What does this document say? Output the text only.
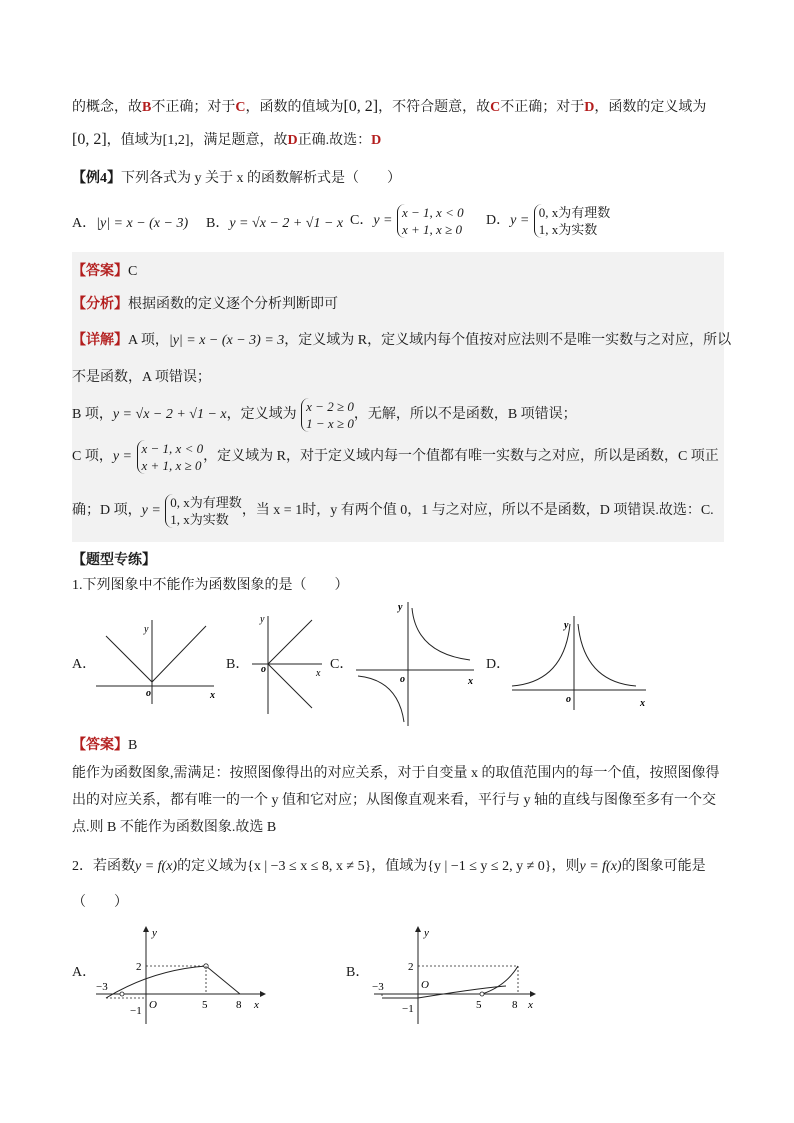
的概念，故B不正确；对于C，函数的值域为[0, 2]，不符合题意，故C不正确；对于D，函数的定义域为
[0, 2]，值域为[1,2]，满足题意，故D正确.故选：D
【例4】下列各式为 y 关于 x 的函数解析式是（　　）
A．|y| = x − (x − 3) B．y = √x − 2 + √1 − x C．y = x − 1, x < 0
x + 1, x ≥ 0
D．y = 0, x为有理数
1, x为实数
【答案】C
【分析】根据函数的定义逐个分析判断即可
【详解】A 项，|y| = x − (x − 3) = 3，定义域为 R，定义域内每个值按对应法则不是唯一实数与之对应，所以
不是函数，A 项错误；
B 项，y = √x − 2 + √1 − x，定义域为 x − 2 ≥ 0
1 − x ≥ 0，无解，所以不是函数，B 项错误；
C 项，y = x − 1, x < 0
x + 1, x ≥ 0，定义域为 R，对于定义域内每一个值都有唯一实数与之对应，所以是函数，C 项正
确；D 项，y = 0, x为有理数
1, x为实数，当 x = 1时，y 有两个值 0，1 与之对应，所以不是函数，D 项错误.故选：C.
【题型专练】
1.下列图象中不能作为函数图象的是（　　）
A．	B．	C．	D．
y
x
o
y
x
o
y
x
o
y
x
o
【答案】B
能作为函数图象,需满足：按照图像得出的对应关系，对于自变量 x 的取值范围内的每一个值，按照图像得
出的对应关系，都有唯一的一个 y 值和它对应；从图像直观来看，平行与 y 轴的直线与图像至多有一个交
点.则 B 不能作为函数图象.故选 B
2．若函数y = f(x)的定义域为{x | −3 ≤ x ≤ 8, x ≠ 5}，值域为{y | −1 ≤ y ≤ 2, y ≠ 0}，则y = f(x)的图象可能是
（　　）
A．	B．
−3
5	8
2
−1 O	x
y
−3
5	8
2
−1
O
x
y
